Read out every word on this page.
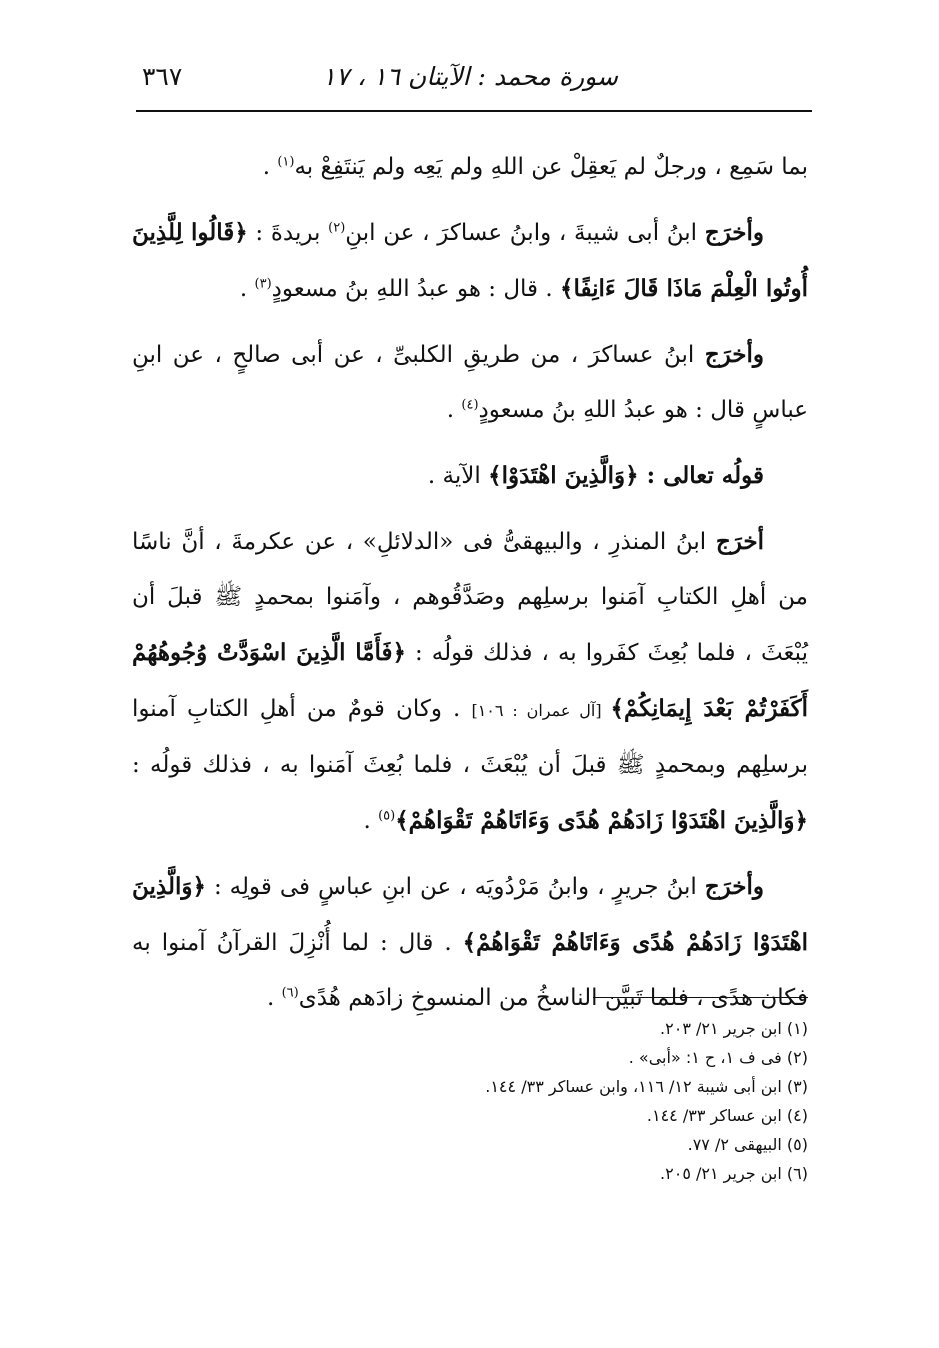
سورة محمد : الآيتان ١٦ ، ١٧
٣٦٧

بما سَمِع ، ورجلٌ لم يَعقِلْ عن اللهِ ولم يَعِه ولم يَنتَفِعْ به$^{(١)}$ .

وأخرَج ابنُ أبى شيبةَ ، وابنُ عساكرَ ، عن ابنِ$^{(٢)}$ بريدةَ : ﴿قَالُوا لِلَّذِينَ أُوتُوا الْعِلْمَ مَاذَا قَالَ ءَانِفًا﴾ . قال : هو عبدُ اللهِ بنُ مسعودٍ$^{(٣)}$ .

وأخرَج ابنُ عساكرَ ، من طريقِ الكلبىِّ ، عن أبى صالحٍ ، عن ابنِ عباسٍ قال : هو عبدُ اللهِ بنُ مسعودٍ$^{(٤)}$ .

قولُه تعالى : ﴿وَالَّذِينَ اهْتَدَوْا﴾ الآية .

أخرَج ابنُ المنذرِ ، والبيهقىُّ فى «الدلائلِ» ، عن عكرمةَ ، أنَّ ناسًا من أهلِ الكتابِ آمَنوا برسلِهم وصَدَّقُوهم ، وآمَنوا بمحمدٍ ﷺ قبلَ أن يُبْعَثَ ، فلما بُعِثَ كفَروا به ، فذلك قولُه : ﴿فَأَمَّا الَّذِينَ اسْوَدَّتْ وُجُوهُهُمْ أَكَفَرْتُمْ بَعْدَ إِيمَانِكُمْ﴾ [آل عمران : ١٠٦] . وكان قومٌ من أهلِ الكتابِ آمنوا برسلِهم وبمحمدٍ ﷺ قبلَ أن يُبْعَثَ ، فلما بُعِثَ آمَنوا به ، فذلك قولُه : ﴿وَالَّذِينَ اهْتَدَوْا زَادَهُمْ هُدًى وَءَاتَاهُمْ تَقْوَاهُمْ﴾$^{(٥)}$ .

وأخرَج ابنُ جريرٍ ، وابنُ مَرْدُويَه ، عن ابنِ عباسٍ فى قولِه : ﴿وَالَّذِينَ اهْتَدَوْا زَادَهُمْ هُدًى وَءَاتَاهُمْ تَقْوَاهُمْ﴾ . قال : لما أُنْزِلَ القرآنُ آمنوا به فكان هدًى ، فلما تَبيَّن الناسخُ من المنسوخِ زادَهم هُدًى$^{(٦)}$ .

(١) ابن جرير ٢١/ ٢٠٣.

(٢) فى ف ١، ح ١: «أبى» .

(٣) ابن أبى شيبة ١٢/ ١١٦، وابن عساكر ٣٣/ ١٤٤.

(٤) ابن عساكر ٣٣/ ١٤٤.

(٥) البيهقى ٢/ ٧٧.

(٦) ابن جرير ٢١/ ٢٠٥.
